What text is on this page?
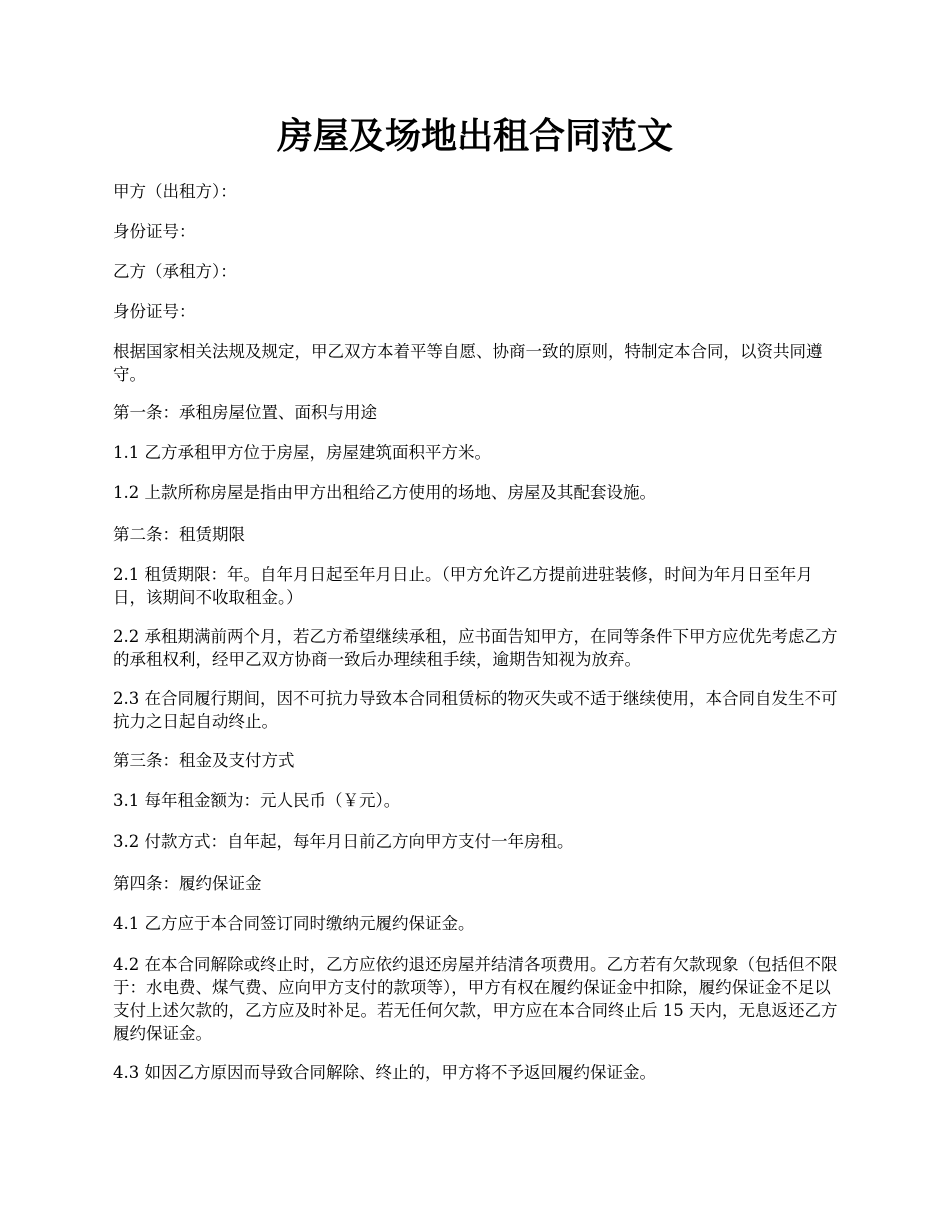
房屋及场地出租合同范文

甲方（出租方）：

身份证号：

乙方（承租方）：

身份证号：

根据国家相关法规及规定，甲乙双方本着平等自愿、协商一致的原则，特制定本合同，以资共同遵守。

第一条：承租房屋位置、面积与用途

1.1 乙方承租甲方位于房屋，房屋建筑面积平方米。

1.2 上款所称房屋是指由甲方出租给乙方使用的场地、房屋及其配套设施。

第二条：租赁期限

2.1 租赁期限：年。自年月日起至年月日止。（甲方允许乙方提前进驻装修，时间为年月日至年月日，该期间不收取租金。）

2.2 承租期满前两个月，若乙方希望继续承租，应书面告知甲方，在同等条件下甲方应优先考虑乙方的承租权利，经甲乙双方协商一致后办理续租手续，逾期告知视为放弃。

2.3 在合同履行期间，因不可抗力导致本合同租赁标的物灭失或不适于继续使用，本合同自发生不可抗力之日起自动终止。

第三条：租金及支付方式

3.1 每年租金额为：元人民币（￥元）。

3.2 付款方式：自年起，每年月日前乙方向甲方支付一年房租。

第四条：履约保证金

4.1 乙方应于本合同签订同时缴纳元履约保证金。

4.2 在本合同解除或终止时，乙方应依约退还房屋并结清各项费用。乙方若有欠款现象（包括但不限于：水电费、煤气费、应向甲方支付的款项等），甲方有权在履约保证金中扣除，履约保证金不足以支付上述欠款的，乙方应及时补足。若无任何欠款，甲方应在本合同终止后 15 天内，无息返还乙方履约保证金。

4.3 如因乙方原因而导致合同解除、终止的，甲方将不予返回履约保证金。
